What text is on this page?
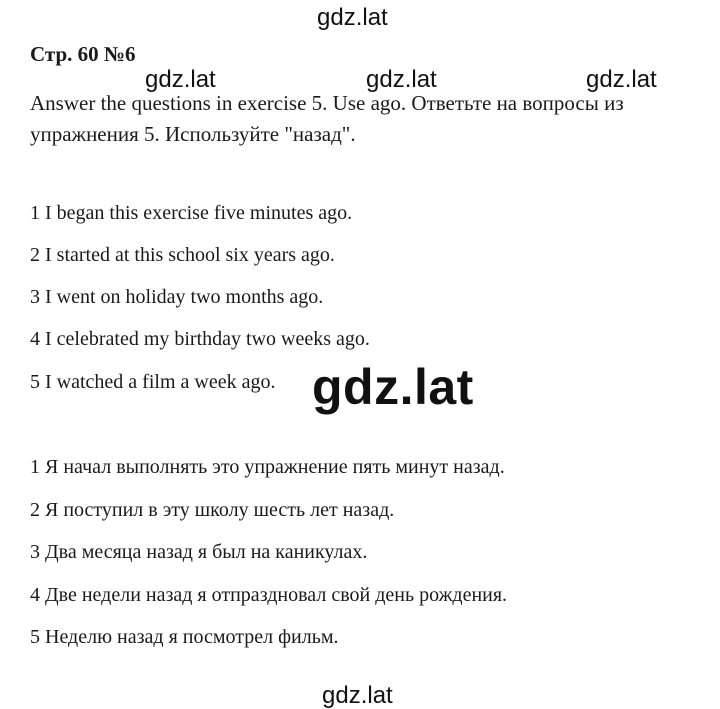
gdz.lat
Стр. 60 №6
gdz.lat	gdz.lat	gdz.lat
Answer the questions in exercise 5. Use ago. Ответьте на вопросы из упражнения 5. Используйте "назад".
1 I began this exercise five minutes ago.
2 I started at this school six years ago.
3 I went on holiday two months ago.
4 I celebrated my birthday two weeks ago.
5 I watched a film a week ago. gdz.lat
1 Я начал выполнять это упражнение пять минут назад.
2 Я поступил в эту школу шесть лет назад.
3 Два месяца назад я был на каникулах.
4 Две недели назад я отпраздновал свой день рождения.
5 Неделю назад я посмотрел фильм.
gdz.lat
